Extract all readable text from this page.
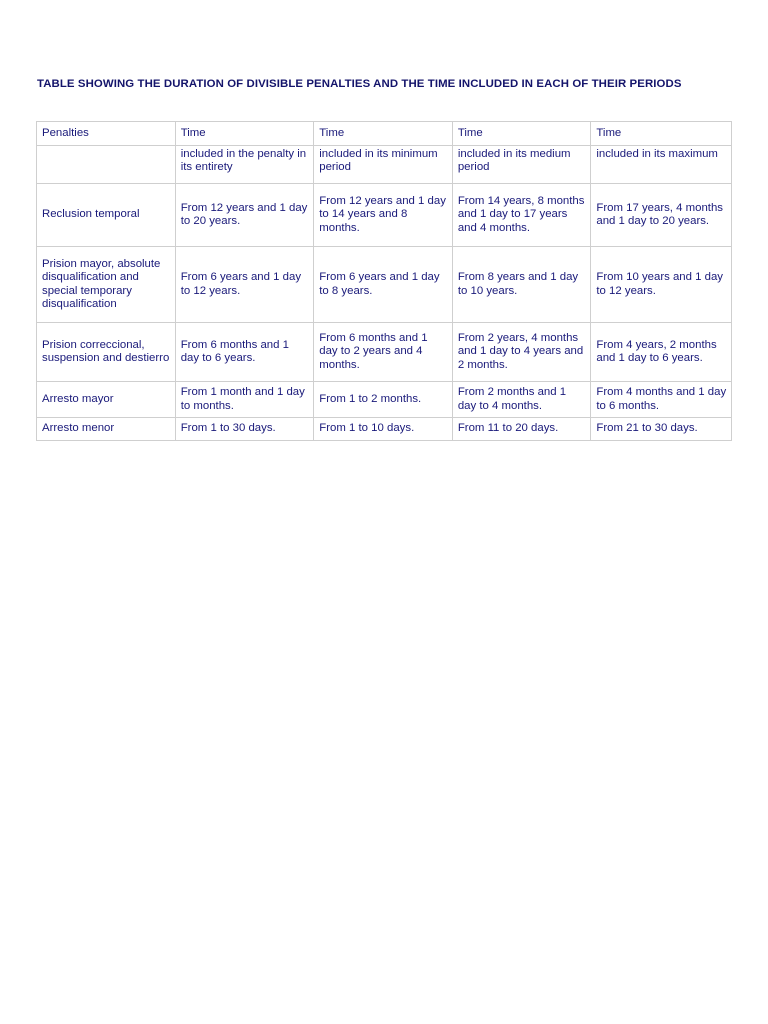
TABLE SHOWING THE DURATION OF DIVISIBLE PENALTIES AND THE TIME INCLUDED IN EACH OF THEIR PERIODS
Penalties	Time	Time	Time	Time
	included in the penalty in its entirety	included in its minimum period	included in its medium period	included in its maximum
Reclusion temporal	From 12 years and 1 day to 20 years.	From 12 years and 1 day to 14 years and 8 months.	From 14 years, 8 months and 1 day to 17 years and 4 months.	From 17 years, 4 months and 1 day to 20 years.
Prision mayor, absolute disqualification and special temporary disqualification	From 6 years and 1 day to 12 years.	From 6 years and 1 day to 8 years.	From 8 years and 1 day to 10 years.	From 10 years and 1 day to 12 years.
Prision correccional, suspension and destierro	From 6 months and 1 day to 6 years.	From 6 months and 1 day to 2 years and 4 months.	From 2 years, 4 months and 1 day to 4 years and 2 months.	From 4 years, 2 months and 1 day to 6 years.
Arresto mayor	From 1 month and 1 day to months.	From 1 to 2 months.	From 2 months and 1 day to 4 months.	From 4 months and 1 day to 6 months.
Arresto menor	From 1 to 30 days.	From 1 to 10 days.	From 11 to 20 days.	From 21 to 30 days.
